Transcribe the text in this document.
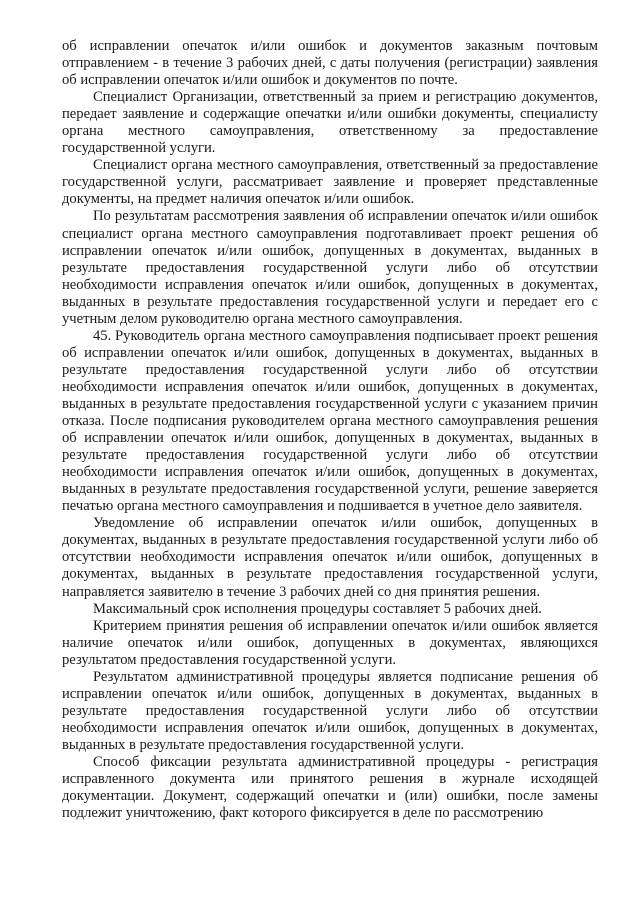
об исправлении опечаток и/или ошибок и документов заказным почтовым отправлением - в течение 3 рабочих дней, с даты получения (регистрации) заявления об исправлении опечаток и/или ошибок и документов по почте.

Специалист Организации, ответственный за прием и регистрацию документов, передает заявление и содержащие опечатки и/или ошибки документы, специалисту органа местного самоуправления, ответственному за предоставление государственной услуги.

Специалист органа местного самоуправления, ответственный за предоставление государственной услуги, рассматривает заявление и проверяет представленные документы, на предмет наличия опечаток и/или ошибок.

По результатам рассмотрения заявления об исправлении опечаток и/или ошибок специалист органа местного самоуправления подготавливает проект решения об исправлении опечаток и/или ошибок, допущенных в документах, выданных в результате предоставления государственной услуги либо об отсутствии необходимости исправления опечаток и/или ошибок, допущенных в документах, выданных в результате предоставления государственной услуги и передает его с учетным делом руководителю органа местного самоуправления.

45. Руководитель органа местного самоуправления подписывает проект решения об исправлении опечаток и/или ошибок, допущенных в документах, выданных в результате предоставления государственной услуги либо об отсутствии необходимости исправления опечаток и/или ошибок, допущенных в документах, выданных в результате предоставления государственной услуги с указанием причин отказа. После подписания руководителем органа местного самоуправления решения об исправлении опечаток и/или ошибок, допущенных в документах, выданных в результате предоставления государственной услуги либо об отсутствии необходимости исправления опечаток и/или ошибок, допущенных в документах, выданных в результате предоставления государственной услуги, решение заверяется печатью органа местного самоуправления и подшивается в учетное дело заявителя.

Уведомление об исправлении опечаток и/или ошибок, допущенных в документах, выданных в результате предоставления государственной услуги либо об отсутствии необходимости исправления опечаток и/или ошибок, допущенных в документах, выданных в результате предоставления государственной услуги, направляется заявителю в течение 3 рабочих дней со дня принятия решения.

Максимальный срок исполнения процедуры составляет 5 рабочих дней.

Критерием принятия решения об исправлении опечаток и/или ошибок является наличие опечаток и/или ошибок, допущенных в документах, являющихся результатом предоставления государственной услуги.

Результатом административной процедуры является подписание решения об исправлении опечаток и/или ошибок, допущенных в документах, выданных в результате предоставления государственной услуги либо об отсутствии необходимости исправления опечаток и/или ошибок, допущенных в документах, выданных в результате предоставления государственной услуги.

Способ фиксации результата административной процедуры - регистрация исправленного документа или принятого решения в журнале исходящей документации. Документ, содержащий опечатки и (или) ошибки, после замены подлежит уничтожению, факт которого фиксируется в деле по рассмотрению
